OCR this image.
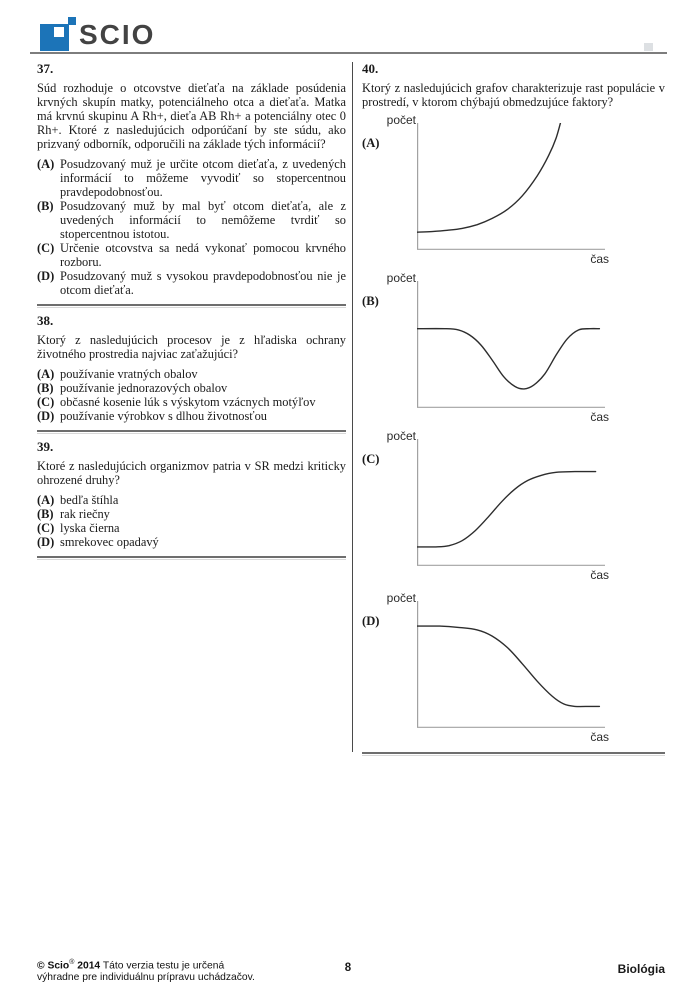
SCIO
37.
Súd rozhoduje o otcovstve dieťaťa na základe posúdenia krvných skupín matky, potenciálneho otca a dieťaťa. Matka má krvnú skupinu A Rh+, dieťa AB Rh+ a potenciálny otec 0 Rh+. Ktoré z nasledujúcich odporúčaní by ste súdu, ako prizvaný odborník, odporučili na základe tých informácií?
(A) Posudzovaný muž je určite otcom dieťaťa, z uvedených informácií to môžeme vyvodiť so stopercentnou pravdepodobnosťou.
(B) Posudzovaný muž by mal byť otcom dieťaťa, ale z uvedených informácií to nemôžeme tvrdiť so stopercentnou istotou.
(C) Určenie otcovstva sa nedá vykonať pomocou krvného rozboru.
(D) Posudzovaný muž s vysokou pravdepodobnosťou nie je otcom dieťaťa.
38.
Ktorý z nasledujúcich procesov je z hľadiska ochrany životného prostredia najviac zaťažujúci?
(A) používanie vratných obalov
(B) používanie jednorazových obalov
(C) občasné kosenie lúk s výskytom vzácnych motýľov
(D) používanie výrobkov s dlhou životnosťou
39.
Ktoré z nasledujúcich organizmov patria v SR medzi kriticky ohrozené druhy?
(A) bedľa štíhla
(B) rak riečny
(C) lyska čierna
(D) smrekovec opadavý
40.
Ktorý z nasledujúcich grafov charakterizuje rast populácie v prostredí, v ktorom chýbajú obmedzujúce faktory?
počet
(A)
čas
počet
(B)
čas
počet
(C)
čas
počet
(D)
čas
© Scio® 2014 Táto verzia testu je určená
výhradne pre individuálnu prípravu uchádzačov.
8	Biológia
